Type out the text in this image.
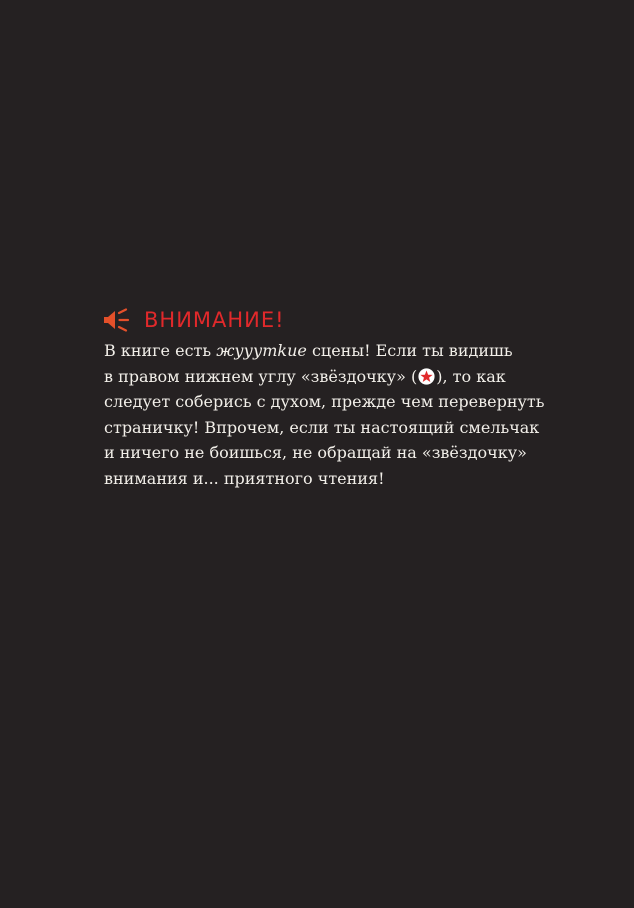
ВНИМАНИЕ!
В книге есть жууутkие сцены! Если ты видишь
в правом нижнем углу «звёздочку» ( ), то как
следует соберись с духом, прежде чем перевернуть
страничку! Впрочем, если ты настоящий смельчак
и ничего не боишься, не обращай на «звёздочку»
внимания и... приятного чтения!
